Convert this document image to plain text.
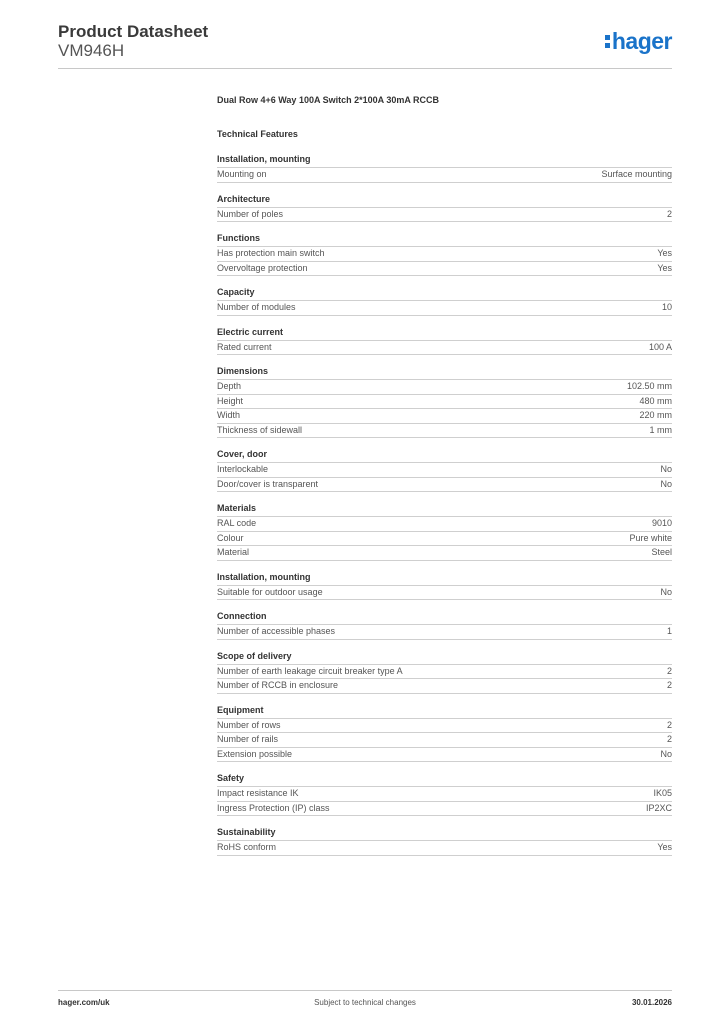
Product Datasheet
VM946H	hager
Dual Row 4+6 Way 100A Switch 2*100A 30mA RCCB
Technical Features
Installation, mounting
Mounting on	Surface mounting
Architecture
Number of poles	2
Functions
Has protection main switch	Yes
Overvoltage protection	Yes
Capacity
Number of modules	10
Electric current
Rated current	100 A
Dimensions
Depth	102.50 mm
Height	480 mm
Width	220 mm
Thickness of sidewall	1 mm
Cover, door
Interlockable	No
Door/cover is transparent	No
Materials
RAL code	9010
Colour	Pure white
Material	Steel
Installation, mounting
Suitable for outdoor usage	No
Connection
Number of accessible phases	1
Scope of delivery
Number of earth leakage circuit breaker type A	2
Number of RCCB in enclosure	2
Equipment
Number of rows	2
Number of rails	2
Extension possible	No
Safety
Impact resistance IK	IK05
Ingress Protection (IP) class	IP2XC
Sustainability
RoHS conform	Yes
hager.com/uk	Subject to technical changes	30.01.2026
